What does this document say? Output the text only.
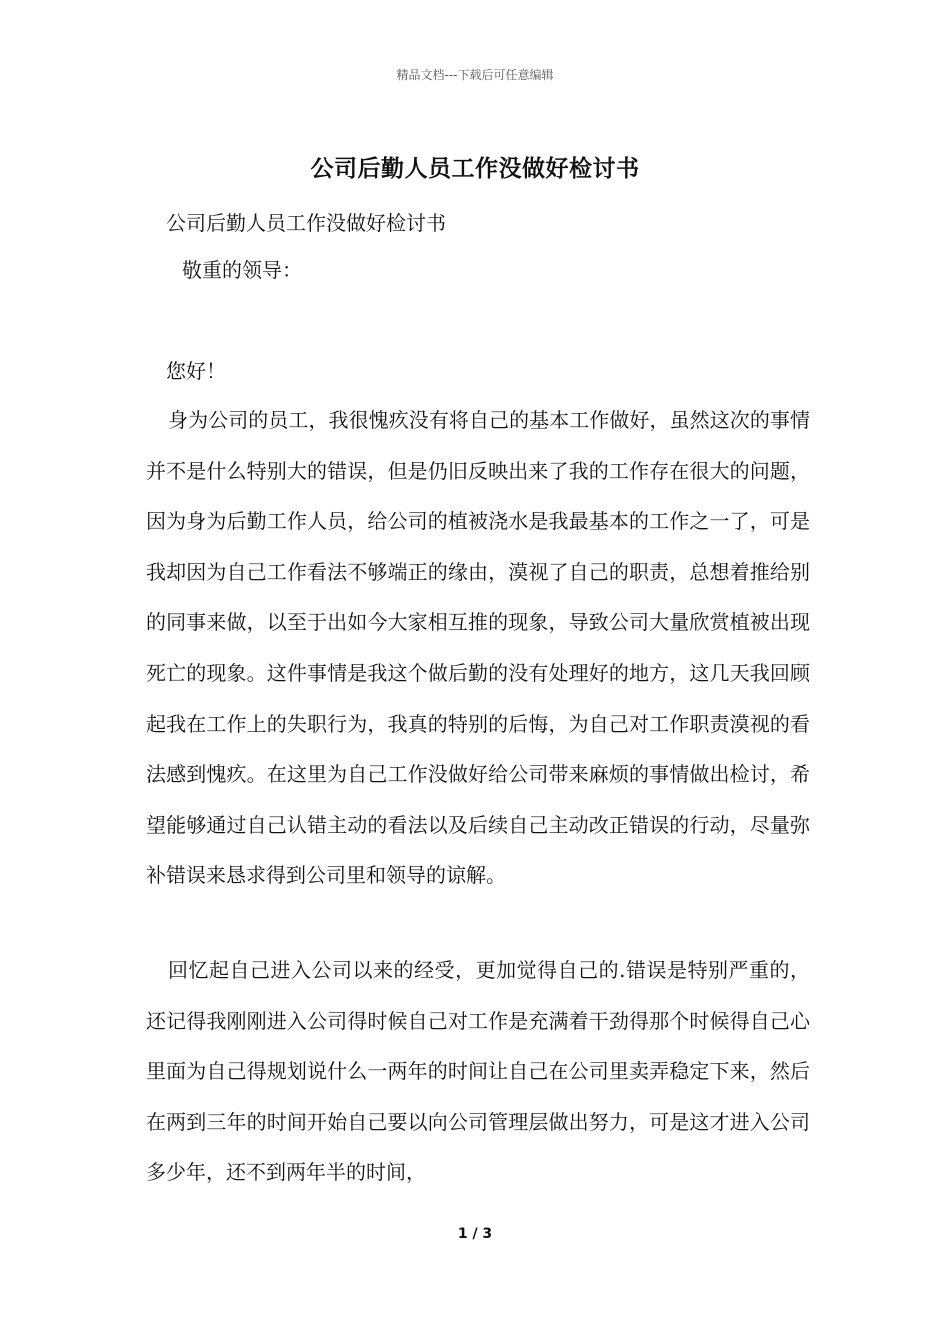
精品文档---下载后可任意编辑
公司后勤人员工作没做好检讨书
公司后勤人员工作没做好检讨书
敬重的领导：
您好！
身为公司的员工，我很愧疚没有将自己的基本工作做好，虽然这次的事情并不是什么特别大的错误，但是仍旧反映出来了我的工作存在很大的问题，因为身为后勤工作人员，给公司的植被浇水是我最基本的工作之一了，可是我却因为自己工作看法不够端正的缘由，漠视了自己的职责，总想着推给别的同事来做，以至于出如今大家相互推的现象，导致公司大量欣赏植被出现死亡的现象。这件事情是我这个做后勤的没有处理好的地方，这几天我回顾起我在工作上的失职行为，我真的特别的后悔，为自己对工作职责漠视的看法感到愧疚。在这里为自己工作没做好给公司带来麻烦的事情做出检讨，希望能够通过自己认错主动的看法以及后续自己主动改正错误的行动，尽量弥补错误来恳求得到公司里和领导的谅解。
回忆起自己进入公司以来的经受，更加觉得自己的.错误是特别严重的，还记得我刚刚进入公司得时候自己对工作是充满着干劲得那个时候得自己心里面为自己得规划说什么一两年的时间让自己在公司里卖弄稳定下来，然后在两到三年的时间开始自己要以向公司管理层做出努力，可是这才进入公司多少年，还不到两年半的时间，
1 / 3
